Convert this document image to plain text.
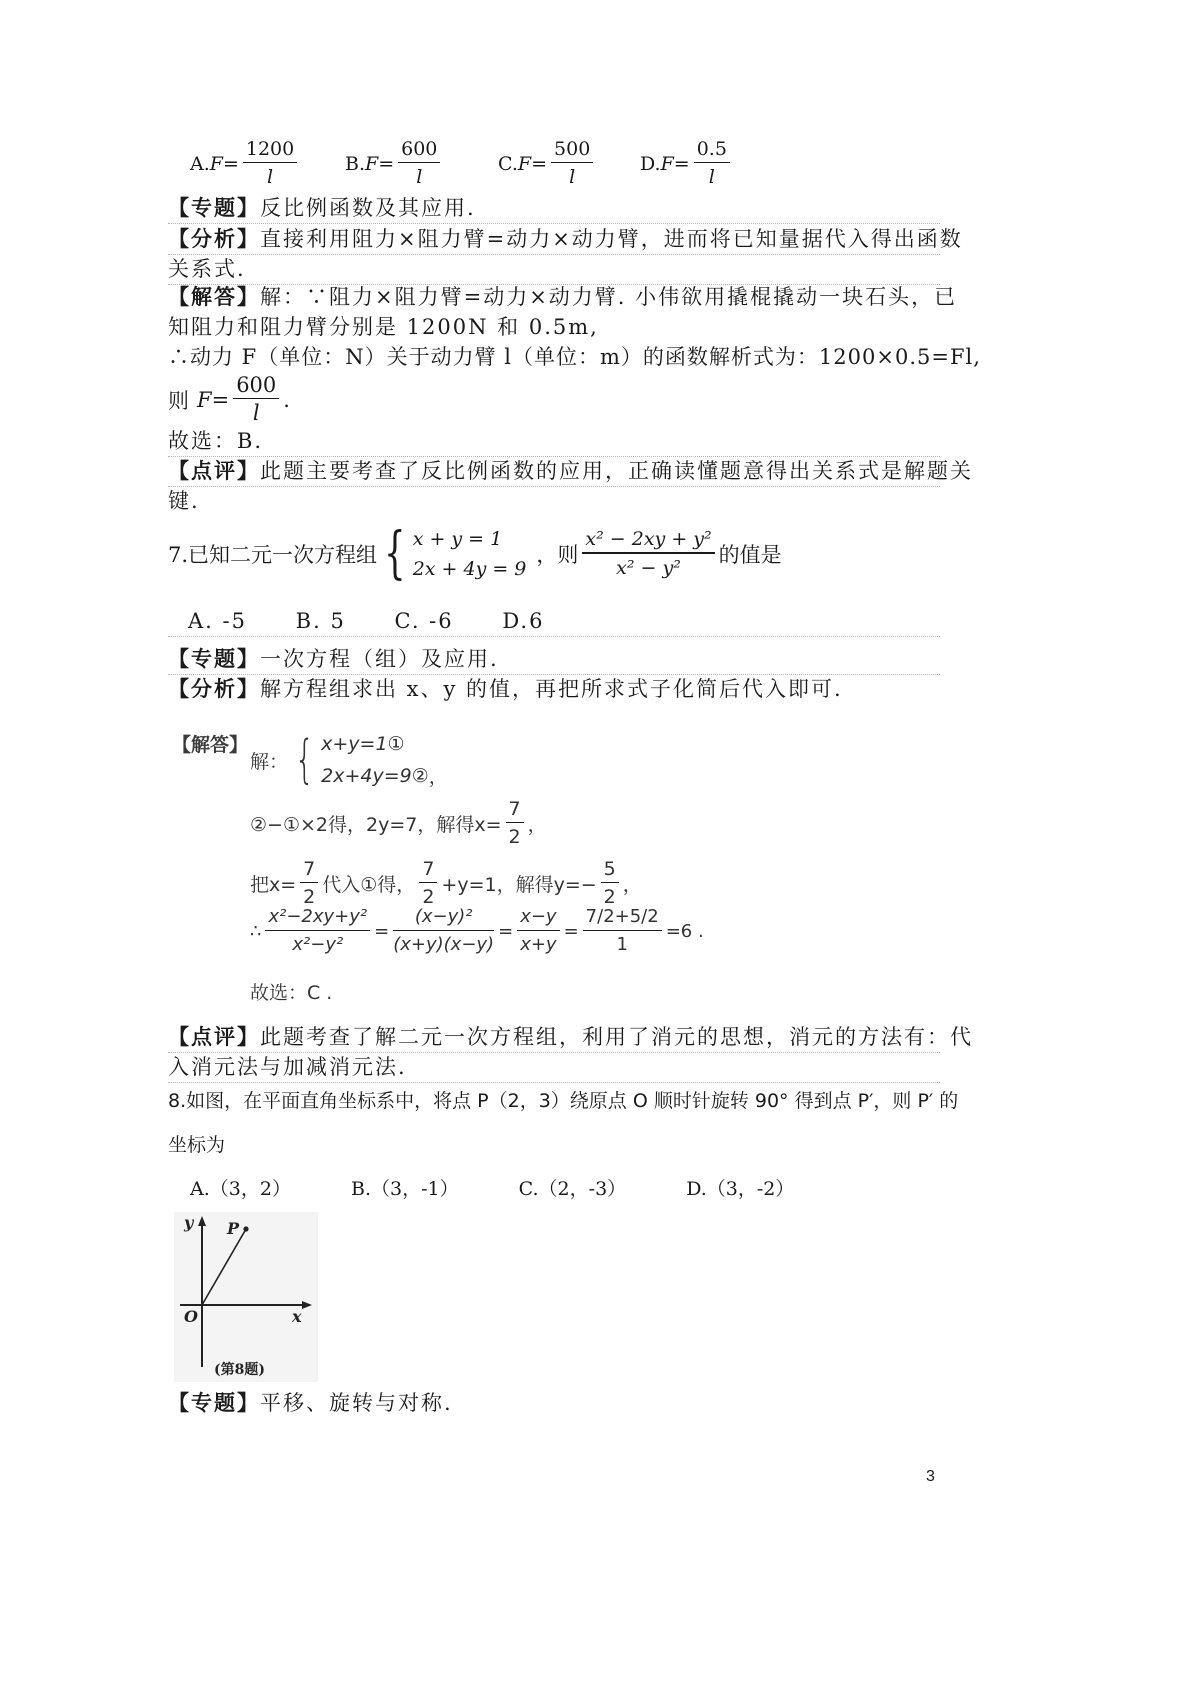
A. $F = \frac{1200}{l}$	B. $F = \frac{600}{l}$	C. $F = \frac{500}{l} D$. $F = \frac{0.5}{l}$
【专题】反比例函数及其应用.
【分析】直接利用阻力×阻力臂=动力×动力臂，进而将已知量据代入得出函数
关系式.
【解答】解：∵阻力×阻力臂=动力×动力臂. 小伟欲用撬棍撬动一块石头，已
知阻力和阻力臂分别是 1200N 和 0.5m,
∴动力 F（单位：N）关于动力臂 l（单位：m）的函数解析式为：1200×0.5=Fl,
则 $F = \frac{600}{l}$ .
故选：B.
【点评】此题主要考查了反比例函数的应用，正确读懂题意得出关系式是解题关
键.
7.已知二元一次方程组 { x + y = 1
2x + 4y = 9
，则 $\frac{\text{x² − 2xy + y²}}{\text{x² − y²}}$ 的值是
A. -5 B. 5 C. -6 D.6
【专题】一次方程（组）及应用.
【分析】解方程组求出 x、y 的值，再把所求式子化简后代入即可.
【解答】
解： { x+y=1①
2x+4y=9② ，
②−①×2得，2y=7，解得$x= \frac{7}{2}$ ，
把$x= \frac{7}{2}$ 代入①得， $\frac{7}{2} +y=1$，解得$y=- \frac{5}{2}$ ，
∴ $\frac{\text{x²−2xy+y²}}{\text{x²−y²}} = \frac{\text{(x−y)²}}{(x+y)(x-y)} = \frac{x-y}{x+y} = \frac{7/2+5/2}{1} =6$ .
故选：C .
【点评】此题考查了解二元一次方程组，利用了消元的思想，消元的方法有：代
入消元法与加减消元法.
8.如图，在平面直角坐标系中，将点 P（2，3）绕原点 O 顺时针旋转 90° 得到点 P′，则 P′ 的
坐标为
A.（3，2）	B.（3，-1）	C.（2，-3）	D.（3，-2）
y P
O	x
(第8题)
【专题】平移、旋转与对称.
3
